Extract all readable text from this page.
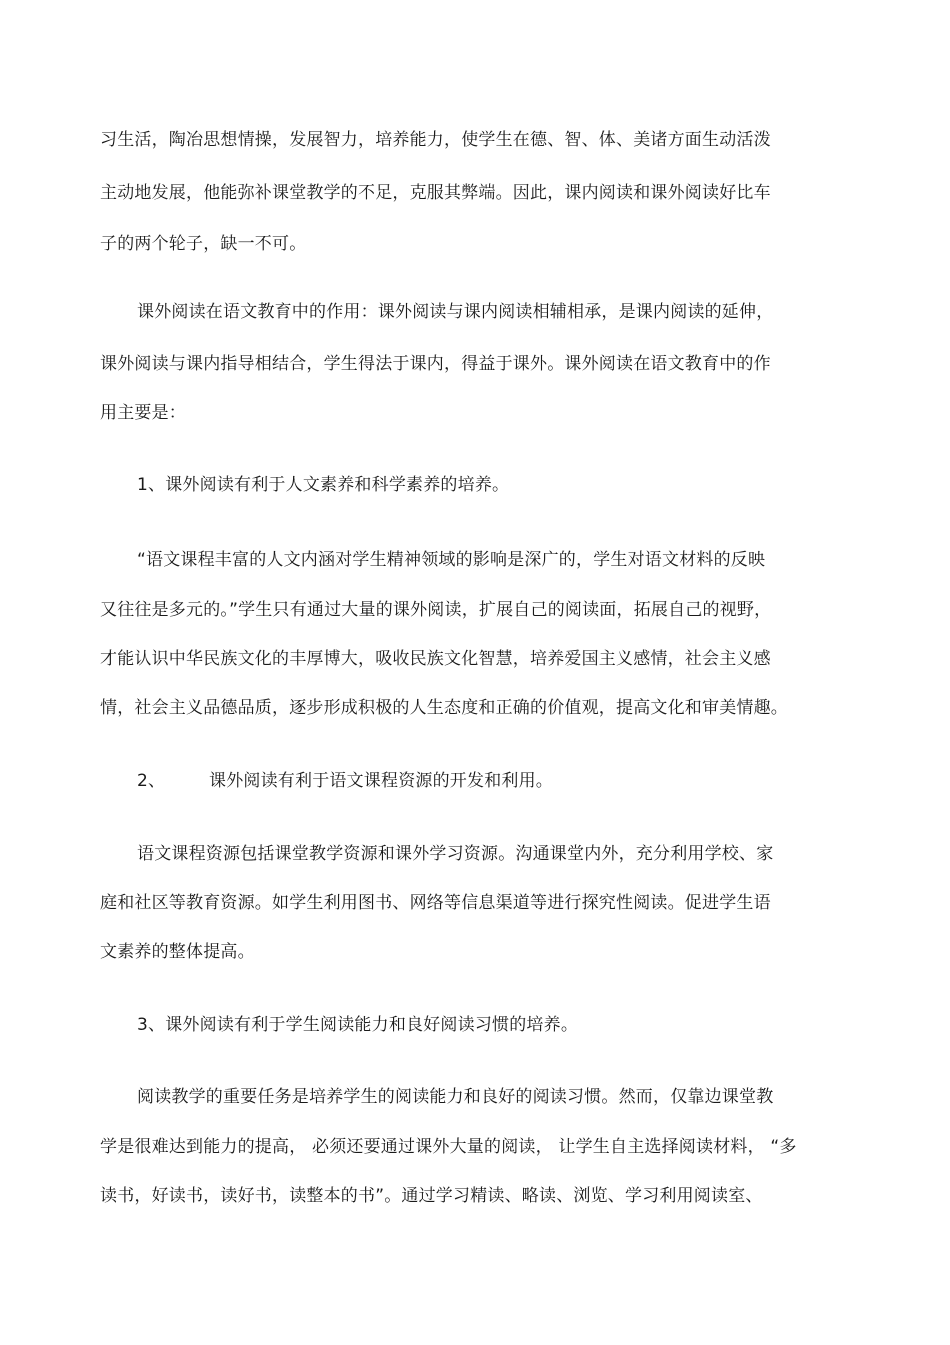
习生活，陶冶思想情操，发展智力，培养能力，使学生在德、智、体、美诸方面生动活泼
主动地发展，他能弥补课堂教学的不足，克服其弊端。因此，课内阅读和课外阅读好比车
子的两个轮子，缺一不可。
课外阅读在语文教育中的作用：课外阅读与课内阅读相辅相承，是课内阅读的延伸，
课外阅读与课内指导相结合，学生得法于课内，得益于课外。课外阅读在语文教育中的作
用主要是：
1、课外阅读有利于人文素养和科学素养的培养。
“语文课程丰富的人文内涵对学生精神领域的影响是深广的，学生对语文材料的反映
又往往是多元的。”学生只有通过大量的课外阅读，扩展自己的阅读面，拓展自己的视野，
才能认识中华民族文化的丰厚博大，吸收民族文化智慧，培养爱国主义感情，社会主义感
情，社会主义品德品质，逐步形成积极的人生态度和正确的价值观，提高文化和审美情趣。
2、	课外阅读有利于语文课程资源的开发和利用。
语文课程资源包括课堂教学资源和课外学习资源。沟通课堂内外，充分利用学校、家
庭和社区等教育资源。如学生利用图书、网络等信息渠道等进行探究性阅读。促进学生语
文素养的整体提高。
3、课外阅读有利于学生阅读能力和良好阅读习惯的培养。
阅读教学的重要任务是培养学生的阅读能力和良好的阅读习惯。然而，仅靠边课堂教
学是很难达到能力的提高， 必须还要通过课外大量的阅读， 让学生自主选择阅读材料， “多
读书，好读书，读好书，读整本的书”。通过学习精读、略读、浏览、学习利用阅读室、
